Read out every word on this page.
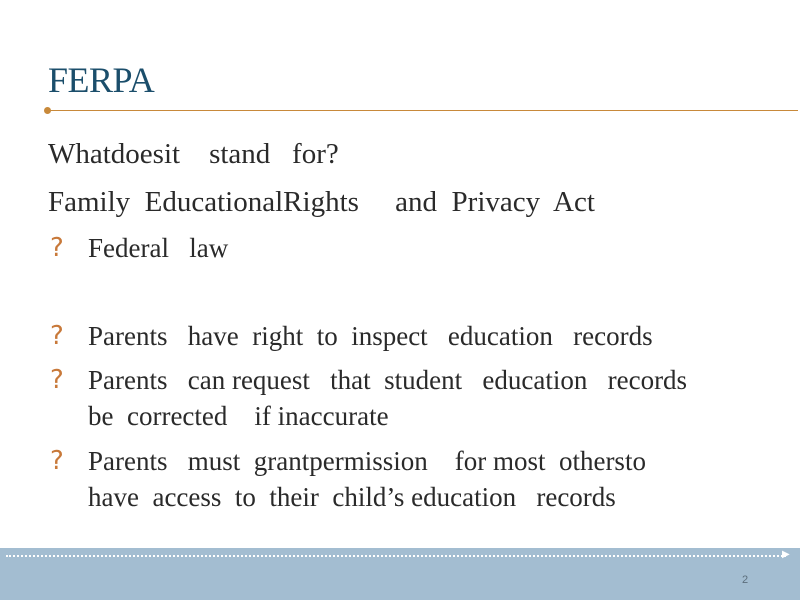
FERPA
Whatdoesit    stand   for?
Family  EducationalRights     and  Privacy  Act
? Federal   law
? Parents   have  right  to  inspect   education   records
? Parents   can request   that  student   education   records
be  corrected    if inaccurate
? Parents   must  grantpermission    for most  othersto
have  access  to  their  child’s education   records
▶
2
